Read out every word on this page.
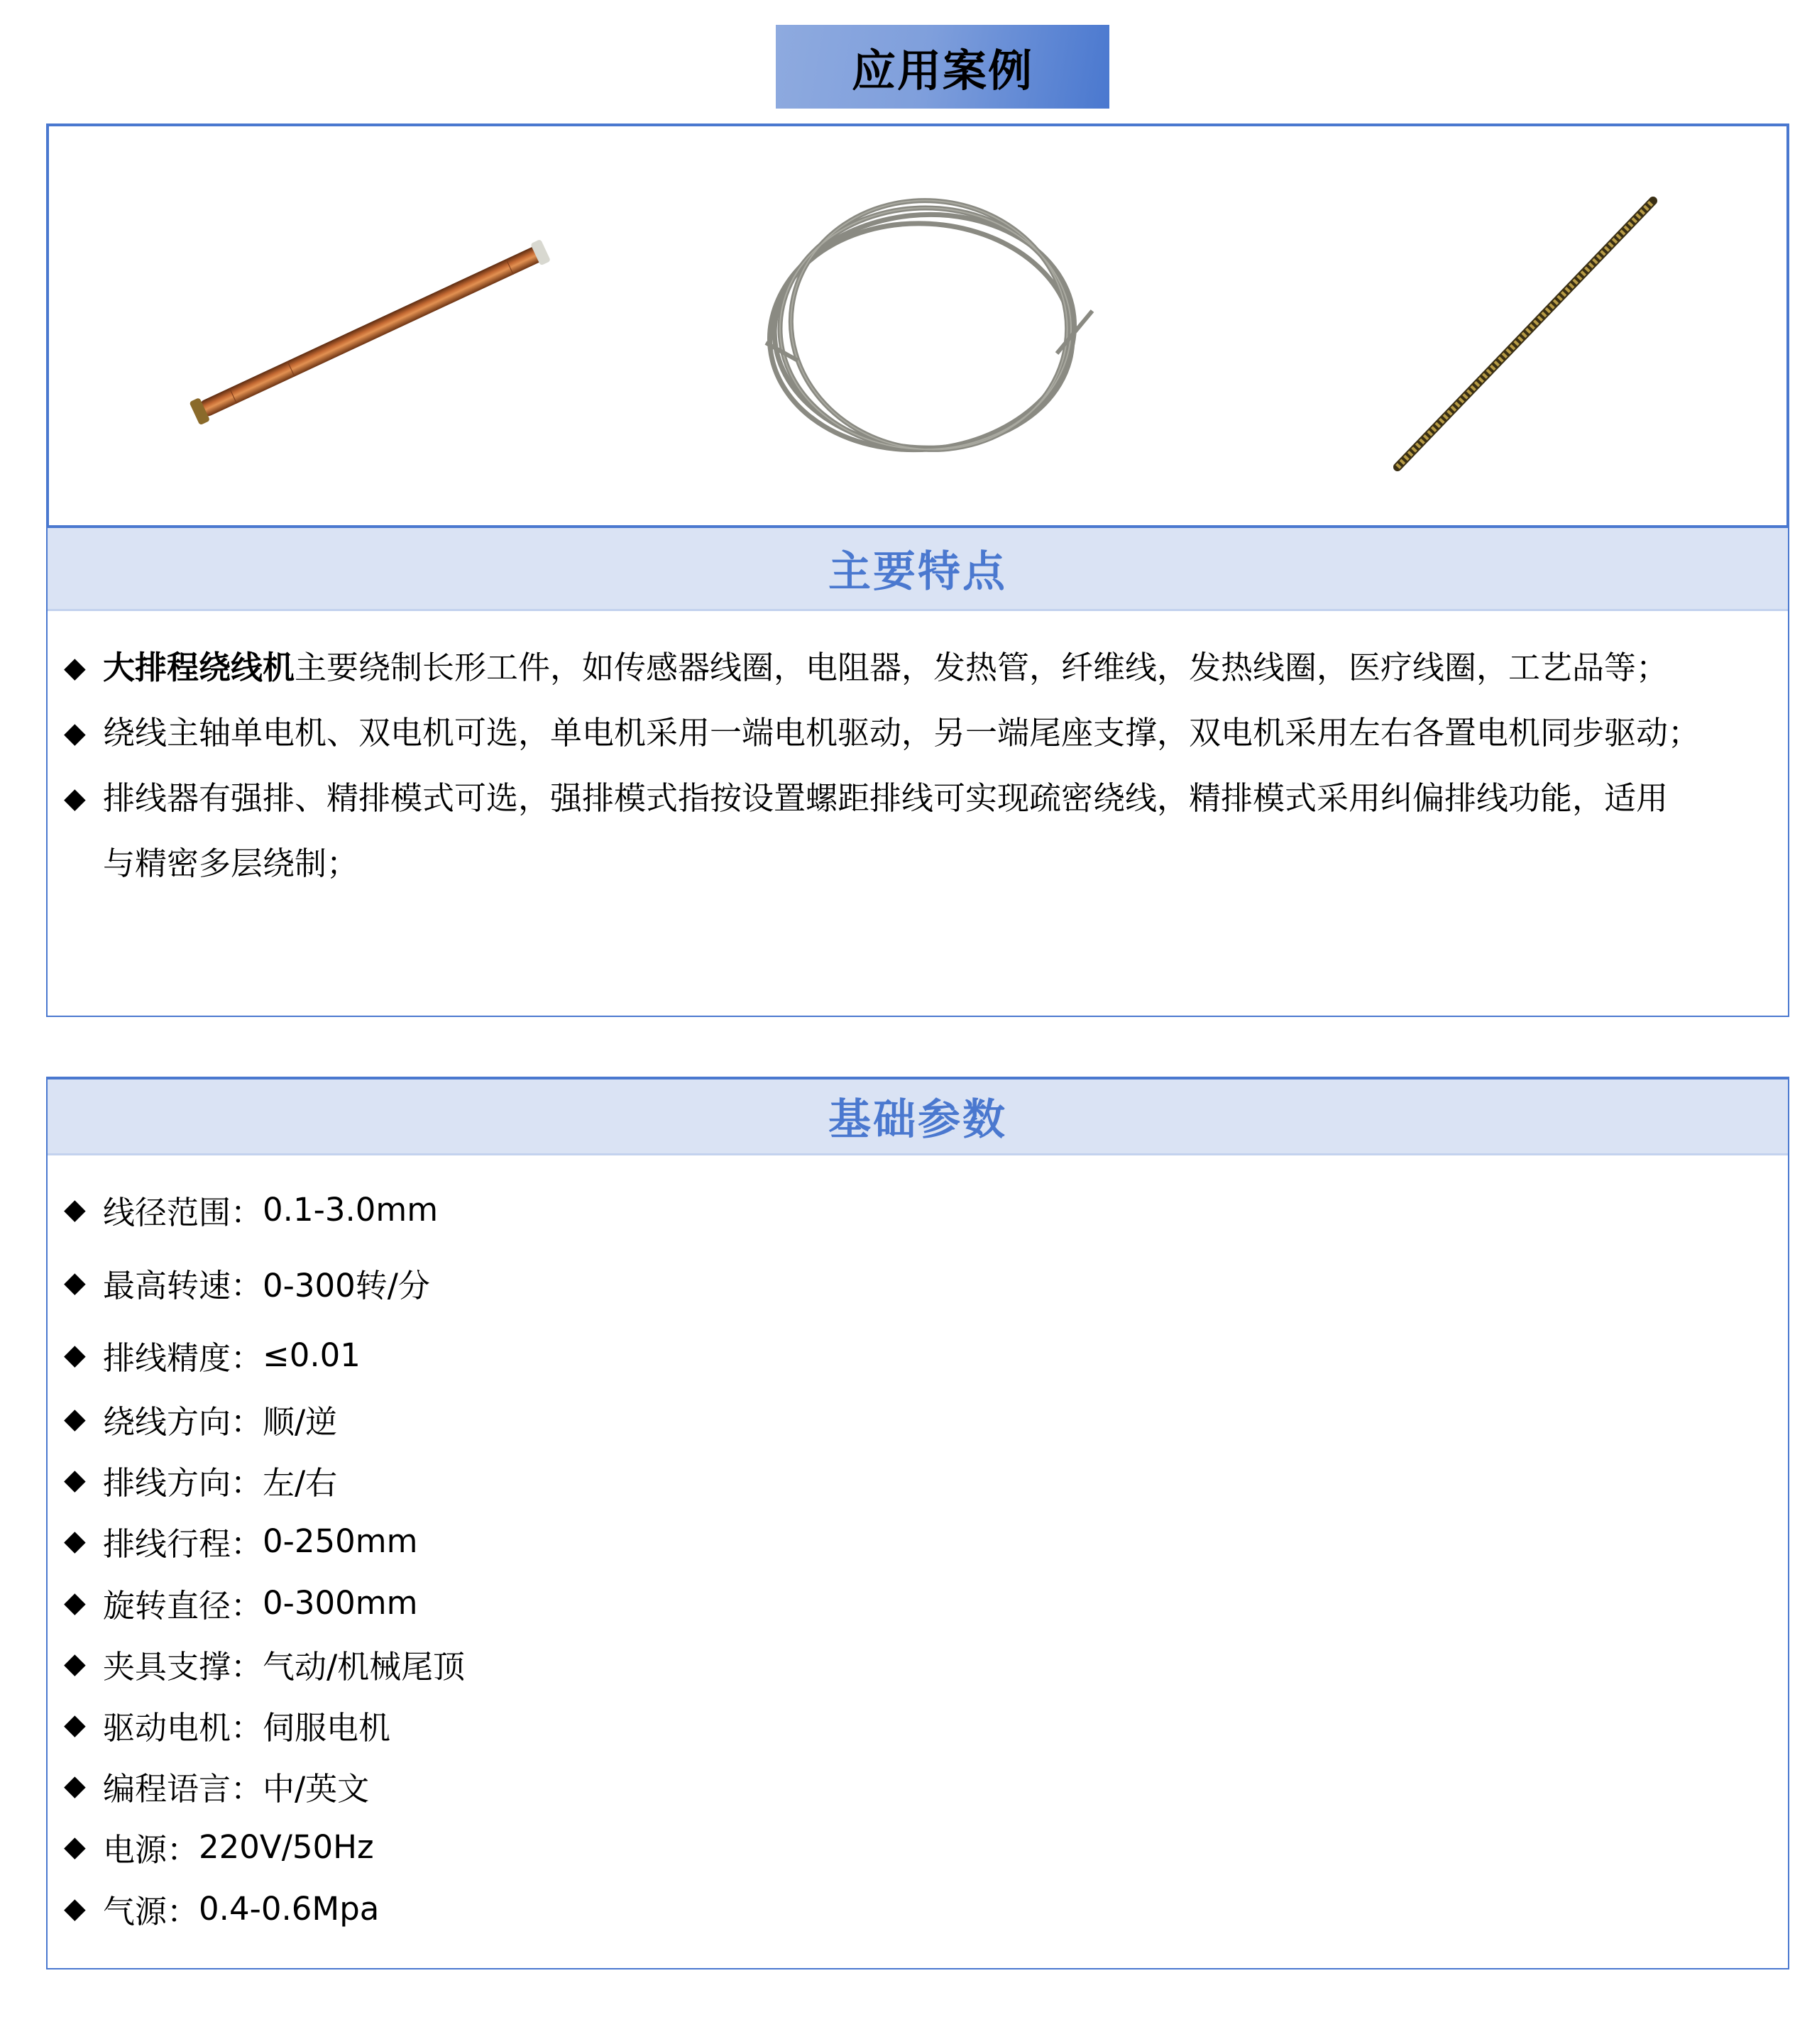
应用案例
主要特点
◆ 大排程绕线机主要绕制长形工件，如传感器线圈，电阻器，发热管，纤维线，发热线圈，医疗线圈，工艺品等；
◆ 绕线主轴单电机、双电机可选，单电机采用一端电机驱动，另一端尾座支撑，双电机采用左右各置电机同步驱动；
◆ 排线器有强排、精排模式可选，强排模式指按设置螺距排线可实现疏密绕线，精排模式采用纠偏排线功能，适用
与精密多层绕制；
基础参数
◆ 线径范围： 0.1-3.0mm
◆ 最高转速： 0-300转/分
◆ 排线精度： ≤0.01
◆ 绕线方向： 顺/逆
◆ 排线方向： 左/右
◆ 排线行程： 0-250mm
◆ 旋转直径： 0-300mm
◆ 夹具支撑： 气动/机械尾顶
◆ 驱动电机： 伺服电机
◆ 编程语言： 中/英文
◆ 电源： 220V/50Hz
◆ 气源： 0.4-0.6Mpa
